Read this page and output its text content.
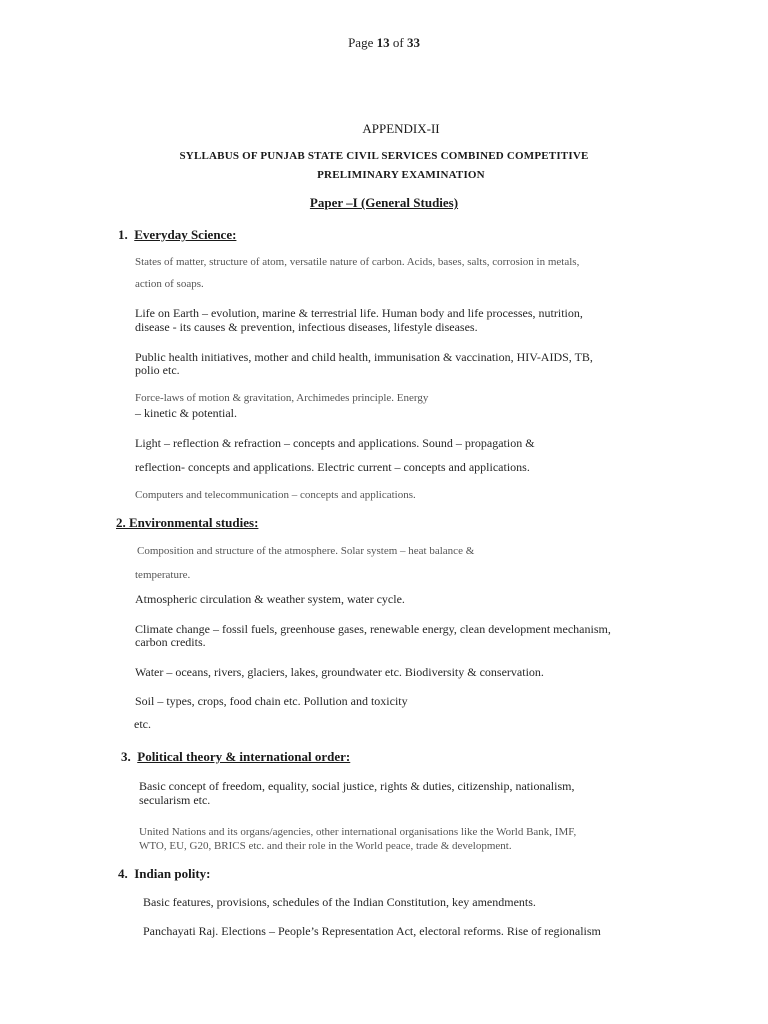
Page 13 of 33
APPENDIX-II
SYLLABUS OF PUNJAB STATE CIVIL SERVICES COMBINED COMPETITIVE
PRELIMINARY EXAMINATION
Paper –I (General Studies)
1. Everyday Science:
States of matter, structure of atom, versatile nature of carbon. Acids, bases, salts, corrosion in metals,
action of soaps.
Life on Earth – evolution, marine & terrestrial life. Human body and life processes, nutrition,
disease - its causes & prevention, infectious diseases, lifestyle diseases.
Public health initiatives, mother and child health, immunisation & vaccination, HIV-AIDS, TB,
polio etc.
Force-laws of motion & gravitation, Archimedes principle. Energy
– kinetic & potential.
Light – reflection & refraction – concepts and applications. Sound – propagation &
reflection- concepts and applications. Electric current – concepts and applications.
Computers and telecommunication – concepts and applications.
2. Environmental studies:
Composition and structure of the atmosphere. Solar system – heat balance &
temperature.
Atmospheric circulation & weather system, water cycle.
Climate change – fossil fuels, greenhouse gases, renewable energy, clean development mechanism,
carbon credits.
Water – oceans, rivers, glaciers, lakes, groundwater etc. Biodiversity & conservation.
Soil – types, crops, food chain etc. Pollution and toxicity
etc.
3. Political theory & international order:
Basic concept of freedom, equality, social justice, rights & duties, citizenship, nationalism,
secularism etc.
United Nations and its organs/agencies, other international organisations like the World Bank, IMF,
WTO, EU, G20, BRICS etc. and their role in the World peace, trade & development.
4. Indian polity:
Basic features, provisions, schedules of the Indian Constitution, key amendments.
Panchayati Raj. Elections – People’s Representation Act, electoral reforms. Rise of regionalism
